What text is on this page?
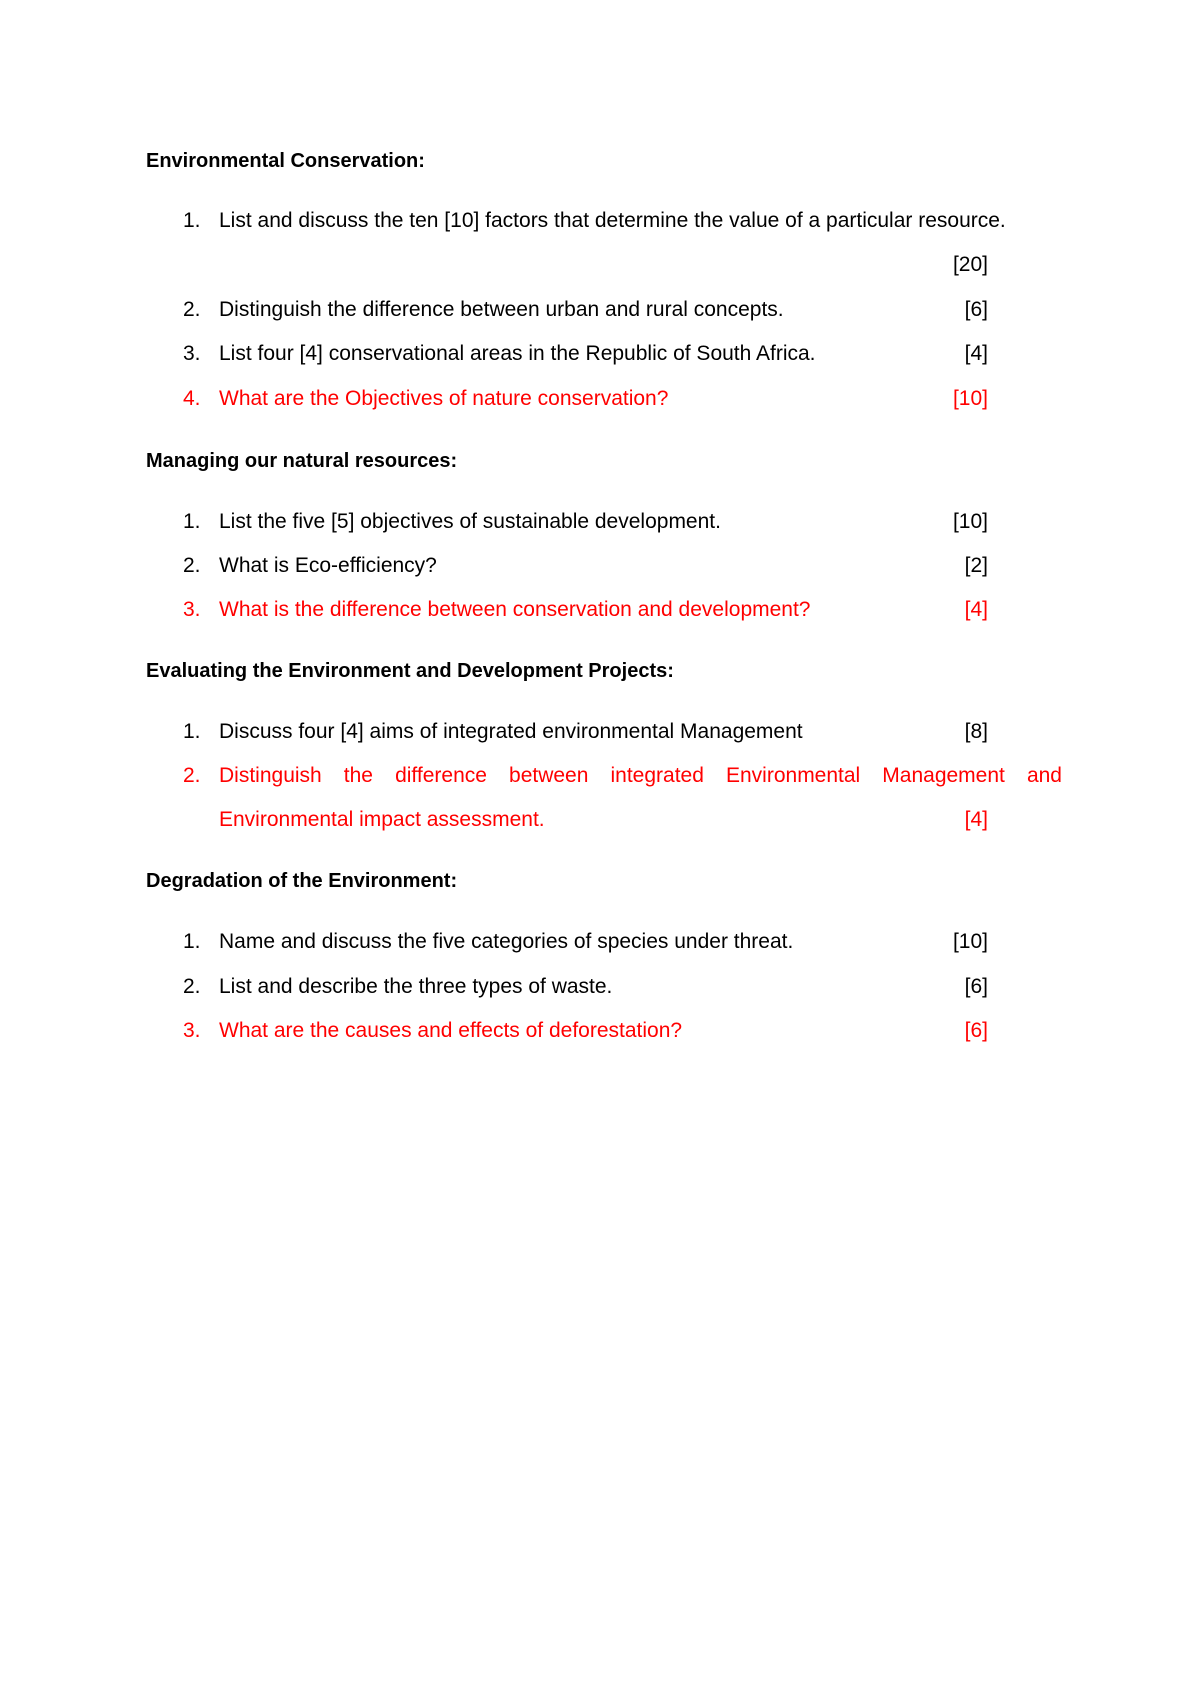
Environmental Conservation:
1. List and discuss the ten [10] factors that determine the value of a particular resource.
[20]
2. Distinguish the difference between urban and rural concepts.	[6]
3. List four [4] conservational areas in the Republic of South Africa.	[4]
4. What are the Objectives of nature conservation?	[10]
Managing our natural resources:
1. List the five [5] objectives of sustainable development.	[10]
2. What is Eco-efficiency?	[2]
3. What is the difference between conservation and development?	[4]
Evaluating the Environment and Development Projects:
1. Discuss four [4] aims of integrated environmental Management	[8]
2. Distinguish the difference between integrated Environmental Management and
Environmental impact assessment.	[4]
Degradation of the Environment:
1. Name and discuss the five categories of species under threat.	[10]
2. List and describe the three types of waste.	[6]
3. What are the causes and effects of deforestation?	[6]
